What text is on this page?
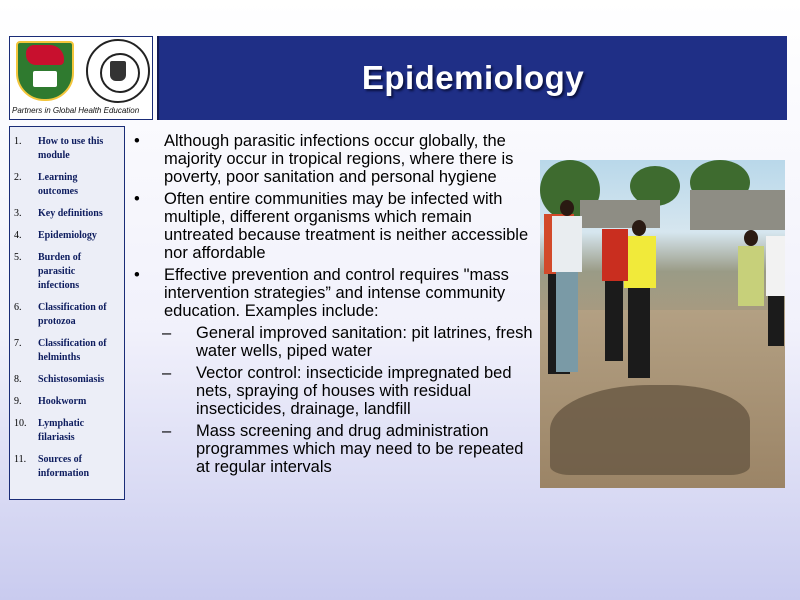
Partners in Global Health Education
Epidemiology
1.	How to use this module
2.	Learning outcomes
3.	Key definitions
4.	Epidemiology
5.	Burden of parasitic infections
6.	Classification of protozoa
7.	Classification of helminths
8.	Schistosomiasis
9.	Hookworm
10.	Lymphatic filariasis
11.	Sources of information
•	Although parasitic infections occur globally, the majority occur in tropical regions, where there is poverty, poor sanitation and personal hygiene
•	Often entire communities may be infected with multiple, different organisms which remain untreated because treatment is neither accessible nor affordable
•	Effective prevention and control requires "mass intervention strategies” and intense community education. Examples include:
–	General improved sanitation: pit latrines, fresh water wells, piped water
–	Vector control: insecticide impregnated bed nets, spraying of houses with residual insecticides, drainage, landfill
–	Mass screening and drug administration programmes which may need to be repeated at regular intervals
